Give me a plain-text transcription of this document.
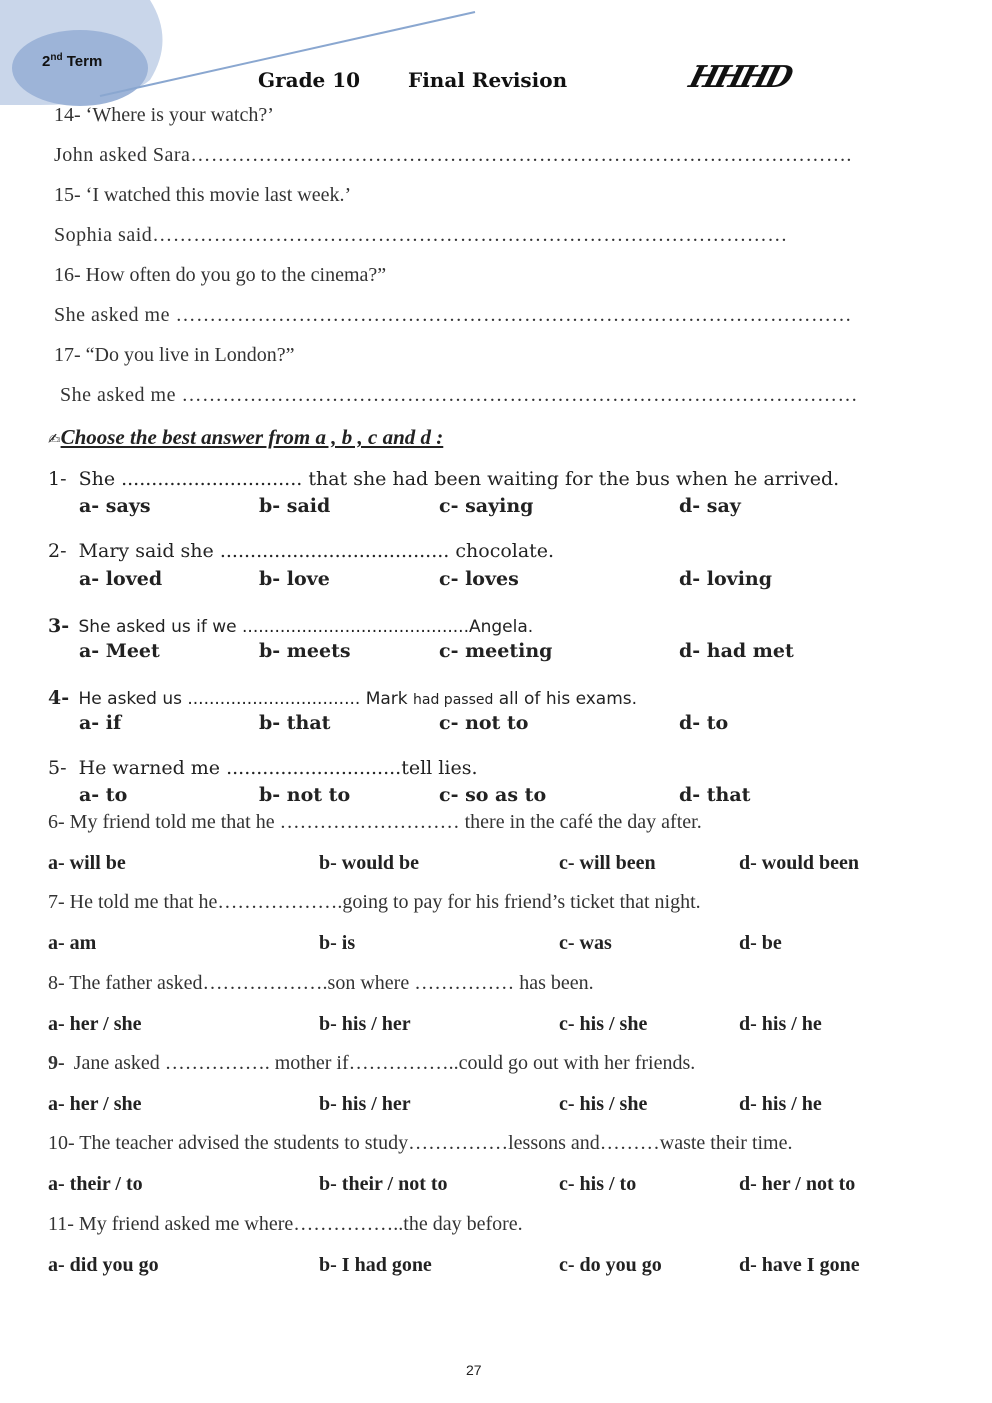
2nd Term
Grade 10 Final Revision	HHHD
14- ‘Where is your watch?’
John asked Sara…………………………………………………………………………………….
15- ‘I watched this movie last week.’
Sophia said…………………………………………………………………………………
16- How often do you go to the cinema?”
She asked me ………………………………………………………………………………………
17- “Do you live in London?”
She asked me ………………………………………………………………………………………
✍Choose the best answer from a , b , c and d :
1- She .............................. that she had been waiting for the bus when he arrived.
a- says	b- said	c- saying	d- say
2- Mary said she ...................................... chocolate.
a- loved	b- love	c- loves	d- loving
3- She asked us if we ..........................................Angela.
a- Meet	b- meets	c- meeting	d- had met
4- He asked us ................................ Mark had passed all of his exams.
a- if	b- that	c- not to	d- to
5- He warned me .............................tell lies.
a- to	b- not to	c- so as to	d- that
6- My friend told me that he ……………………… there in the café the day after.
a- will be	b- would be	c- will been	d- would been
7- He told me that he……………….going to pay for his friend’s ticket that night.
a- am	b- is	c- was	d- be
8- The father asked……………….son where …………… has been.
a- her / she	b- his / her	c- his / she	d- his / he
9- Jane asked ……………. mother if……………..could go out with her friends.
a- her / she	b- his / her	c- his / she	d- his / he
10- The teacher advised the students to study……………lessons and………waste their time.
a- their / to	b- their / not to	c- his / to	d- her / not to
11- My friend asked me where……………..the day before.
a- did you go	b- I had gone	c- do you go	d- have I gone
27
